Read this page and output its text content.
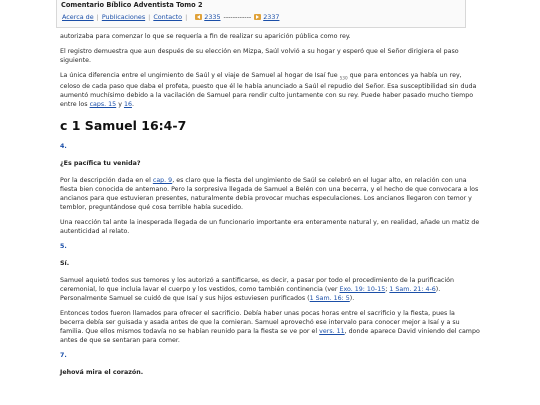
Comentario Bíblico Adventista Tomo 2
Acerca de | Publicaciones | Contacto |	2335 ------------ 2337

autorizaba para comenzar lo que se requería a fin de realizar su aparición pública como rey.

El registro demuestra que aun después de su elección en Mizpa, Saúl volvió a su hogar y esperó que el Señor dirigiera el paso siguiente.

La única diferencia entre el ungimiento de Saúl y el viaje de Samuel al hogar de Isaí fue $_{530}$ que para entonces ya había un rey, celoso de cada paso que daba el profeta, puesto que él le había anunciado a Saúl el repudio del Señor. Esa susceptibilidad sin duda aumentó muchísimo debido a la vacilación de Samuel para rendir culto juntamente con su rey. Puede haber pasado mucho tiempo entre los caps. 15 y 16.

c 1 Samuel 16:4-7
4.
¿Es pacífica tu venida?

Por la descripción dada en el cap. 9, es claro que la fiesta del ungimiento de Saúl se celebró en el lugar alto, en relación con una fiesta bien conocida de antemano. Pero la sorpresiva llegada de Samuel a Belén con una becerra, y el hecho de que convocara a los ancianos para que estuvieran presentes, naturalmente debía provocar muchas especulaciones. Los ancianos llegaron con temor y temblor, preguntándose qué cosa terrible había sucedido.

Una reacción tal ante la inesperada llegada de un funcionario importante era enteramente natural y, en realidad, añade un matiz de autenticidad al relato.

5.
Sí.

Samuel aquietó todos sus temores y los autorizó a santificarse, es decir, a pasar por todo el procedimiento de la purificación ceremonial, lo que incluía lavar el cuerpo y los vestidos, como también continencia (ver Exo. 19: 10-15; 1 Sam. 21: 4-6). Personalmente Samuel se cuidó de que Isaí y sus hijos estuviesen purificados (1 Sam. 16: 5).

Entonces todos fueron llamados para ofrecer el sacrificio. Debía haber unas pocas horas entre el sacrificio y la fiesta, pues la becerra debía ser guisada y asada antes de que la comieran. Samuel aprovechó ese intervalo para conocer mejor a Isaí y a su familia. Que ellos mismos todavía no se habían reunido para la fiesta se ve por el vers. 11, donde aparece David viniendo del campo antes de que se sentaran para comer.

7.
Jehová mira el corazón.
